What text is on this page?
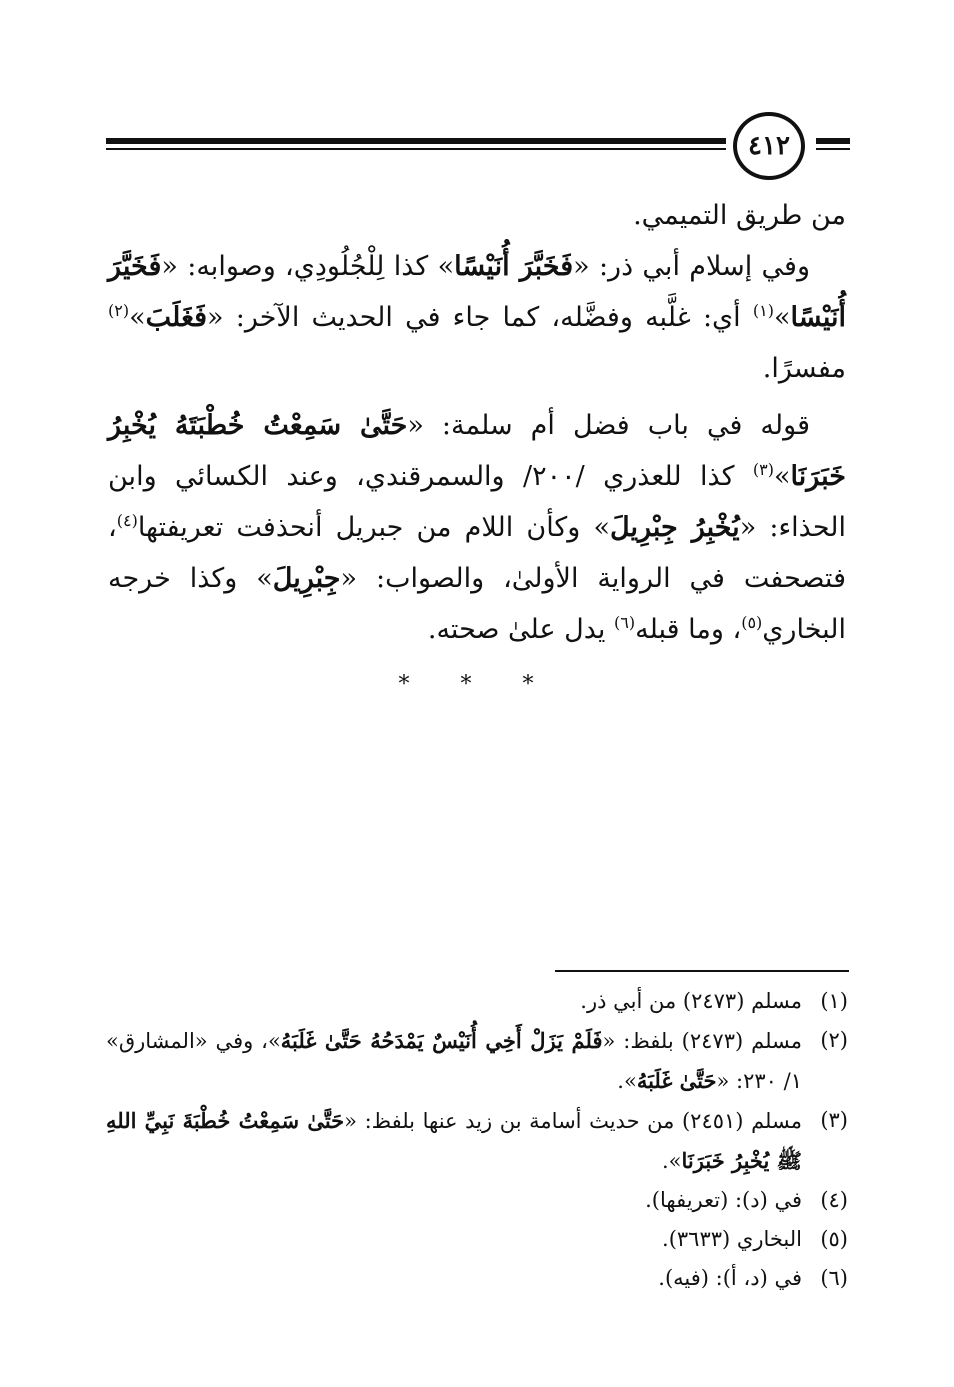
٤١٢

من طريق التميمي.

وفي إسلام أبي ذر: «فَخَبَّرَ أُنَيْسًا» كذا لِلْجُلُودِي، وصوابه: «فَخَيَّرَ أُنَيْسًا»$^{(١)}$ أي: غلَّبه وفضَّله، كما جاء في الحديث الآخر: «فَغَلَبَ»$^{(٢)}$ مفسرًا.

قوله في باب فضل أم سلمة: «حَتَّىٰ سَمِعْتُ خُطْبَتَهُ يُخْبِرُ خَبَرَنَا»$^{(٣)}$ كذا للعذري /٢٠٠/ والسمرقندي، وعند الكسائي وابن الحذاء: «يُخْبِرُ جِبْرِيلَ» وكأن اللام من جبريل أنحذفت تعريفتها$^{(٤)}$، فتصحفت في الرواية الأولىٰ، والصواب: «جِبْرِيلَ» وكذا خرجه البخاري$^{(٥)}$، وما قبله$^{(٦)}$ يدل علىٰ صحته.

* * *
(١)
مسلم (٢٤٧٣) من أبي ذر.
(٢)
مسلم (٢٤٧٣) بلفظ: «فَلَمْ يَزَلْ أَخِي أُنَيْسٌ يَمْدَحُهُ حَتَّىٰ غَلَبَهُ»، وفي «المشارق» ١/ ٢٣٠: «حَتَّىٰ غَلَبَهُ».
(٣)
مسلم (٢٤٥١) من حديث أسامة بن زيد عنها بلفظ: «حَتَّىٰ سَمِعْتُ خُطْبَةَ نَبِيِّ اللهِ ﷺ يُخْبِرُ خَبَرَنَا».
(٤)
في (د): (تعريفها).
(٥)
البخاري (٣٦٣٣).
(٦)
في (د، أ): (فيه).
